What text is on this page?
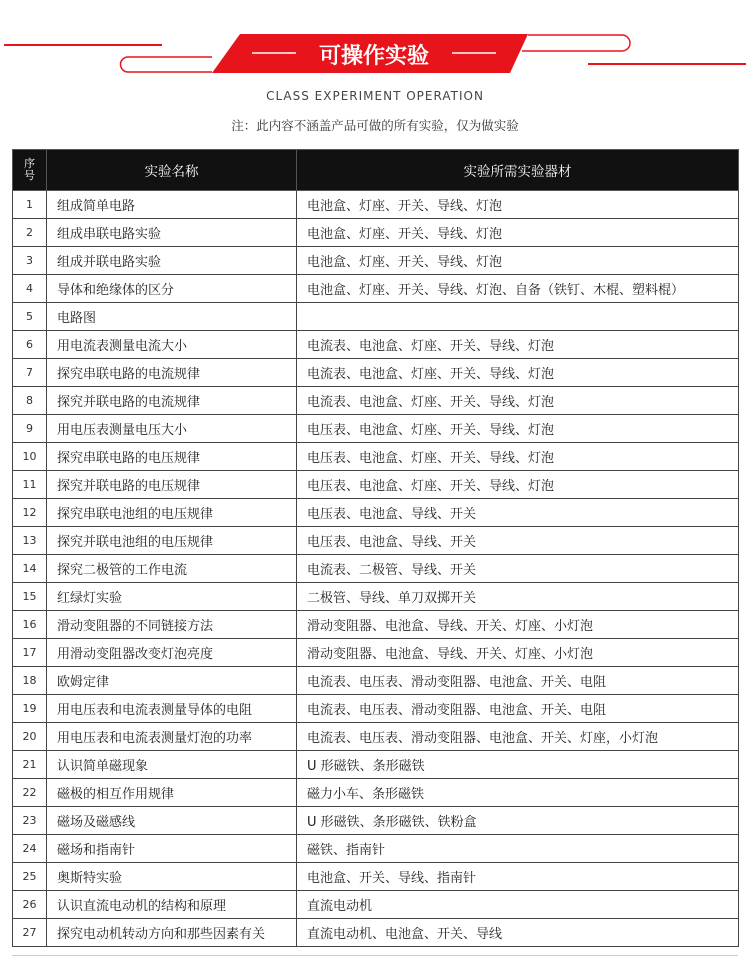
可操作实验
CLASS EXPERIMENT OPERATION
注：此内容不涵盖产品可做的所有实验，仅为做实验
序号	实验名称	实验所需实验器材
1	组成简单电路	电池盒、灯座、开关、导线、灯泡
2	组成串联电路实验	电池盒、灯座、开关、导线、灯泡
3	组成并联电路实验	电池盒、灯座、开关、导线、灯泡
4	导体和绝缘体的区分	电池盒、灯座、开关、导线、灯泡、自备（铁钉、木棍、塑料棍）
5	电路图	
6	用电流表测量电流大小	电流表、电池盒、灯座、开关、导线、灯泡
7	探究串联电路的电流规律	电流表、电池盒、灯座、开关、导线、灯泡
8	探究并联电路的电流规律	电流表、电池盒、灯座、开关、导线、灯泡
9	用电压表测量电压大小	电压表、电池盒、灯座、开关、导线、灯泡
10	探究串联电路的电压规律	电压表、电池盒、灯座、开关、导线、灯泡
11	探究并联电路的电压规律	电压表、电池盒、灯座、开关、导线、灯泡
12	探究串联电池组的电压规律	电压表、电池盒、导线、开关
13	探究并联电池组的电压规律	电压表、电池盒、导线、开关
14	探究二极管的工作电流	电流表、二极管、导线、开关
15	红绿灯实验	二极管、导线、单刀双掷开关
16	滑动变阻器的不同链接方法	滑动变阻器、电池盒、导线、开关、灯座、小灯泡
17	用滑动变阻器改变灯泡亮度	滑动变阻器、电池盒、导线、开关、灯座、小灯泡
18	欧姆定律	电流表、电压表、滑动变阻器、电池盒、开关、电阻
19	用电压表和电流表测量导体的电阻	电流表、电压表、滑动变阻器、电池盒、开关、电阻
20	用电压表和电流表测量灯泡的功率	电流表、电压表、滑动变阻器、电池盒、开关、灯座，小灯泡
21	认识简单磁现象	U 形磁铁、条形磁铁
22	磁极的相互作用规律	磁力小车、条形磁铁
23	磁场及磁感线	U 形磁铁、条形磁铁、铁粉盒
24	磁场和指南针	磁铁、指南针
25	奥斯特实验	电池盒、开关、导线、指南针
26	认识直流电动机的结构和原理	直流电动机
27	探究电动机转动方向和那些因素有关	直流电动机、电池盒、开关、导线
